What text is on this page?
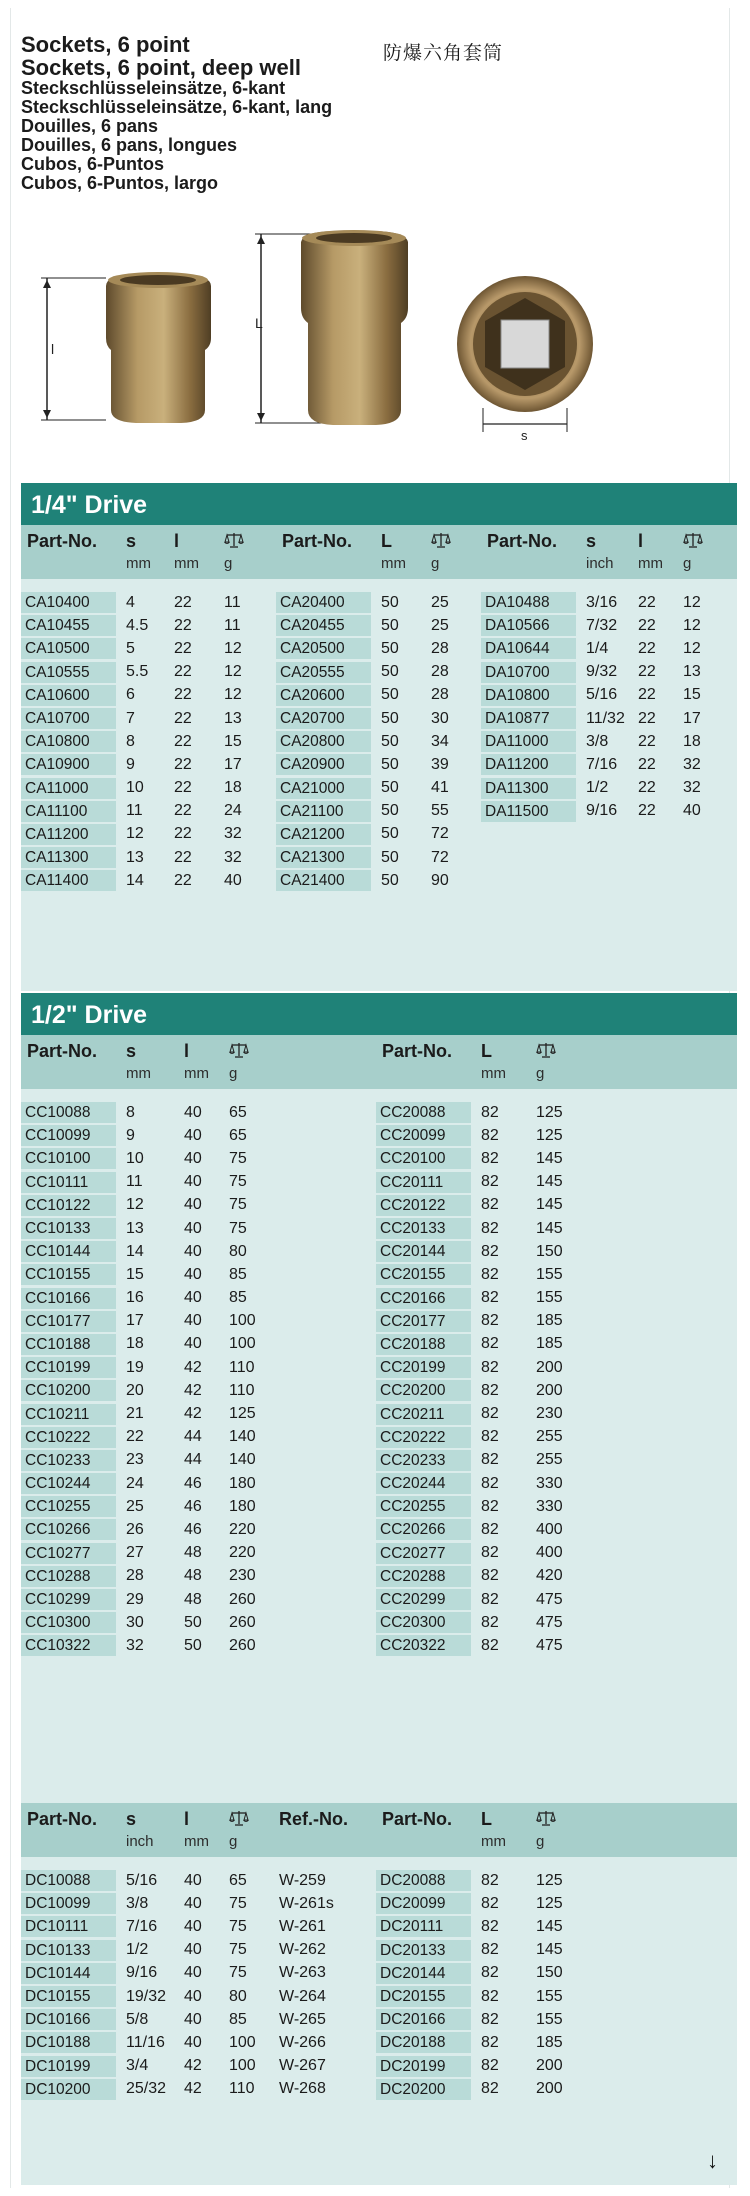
Sockets, 6 point
Sockets, 6 point, deep well
Steckschlüsseleinsätze, 6-kant
Steckschlüsseleinsätze, 6-kant, lang
Douilles, 6 pans
Douilles, 6 pans, longues
Cubos, 6-Puntos
Cubos, 6-Puntos, largo
防爆六角套筒
l
L
s
1/4" Drive
Part-No.	s	l
mm	mm	g
CA10400	4	22	11
CA10455	4.5	22	11
CA10500	5	22	12
CA10555	5.5	22	12
CA10600	6	22	12
CA10700	7	22	13
CA10800	8	22	15
CA10900	9	22	17
CA11000	10	22	18
CA11100	11	22	24
CA11200	12	22	32
CA11300	13	22	32
CA11400	14	22	40
Part-No.	L
mm	g
CA20400	50	25
CA20455	50	25
CA20500	50	28
CA20555	50	28
CA20600	50	28
CA20700	50	30
CA20800	50	34
CA20900	50	39
CA21000	50	41
CA21100	50	55
CA21200	50	72
CA21300	50	72
CA21400	50	90
Part-No.	s	l
inch	mm	g
DA10488	3/16	22	12
DA10566	7/32	22	12
DA10644	1/4	22	12
DA10700	9/32	22	13
DA10800	5/16	22	15
DA10877	11/32 22	17
DA11000	3/8	22	18
DA11200	7/16	22	32
DA11300	1/2	22	32
DA11500	9/16	22	40
1/2" Drive
Part-No.	s	l
mm	mm	g
CC10088	8	40	65
CC10099	9	40	65
CC10100	10	40	75
CC10111	11	40	75
CC10122	12	40	75
CC10133	13	40	75
CC10144	14	40	80
CC10155	15	40	85
CC10166	16	40	85
CC10177	17	40	100
CC10188	18	40	100
CC10199	19	42	110
CC10200	20	42	110
CC10211	21	42	125
CC10222	22	44	140
CC10233	23	44	140
CC10244	24	46	180
CC10255	25	46	180
CC10266	26	46	220
CC10277	27	48	220
CC10288	28	48	230
CC10299	29	48	260
CC10300	30	50	260
CC10322	32	50	260
Part-No.	L
mm	g
CC20088	82	125
CC20099	82	125
CC20100	82	145
CC20111	82	145
CC20122	82	145
CC20133	82	145
CC20144	82	150
CC20155	82	155
CC20166	82	155
CC20177	82	185
CC20188	82	185
CC20199	82	200
CC20200	82	200
CC20211	82	230
CC20222	82	255
CC20233	82	255
CC20244	82	330
CC20255	82	330
CC20266	82	400
CC20277	82	400
CC20288	82	420
CC20299	82	475
CC20300	82	475
CC20322	82	475
Part-No.	s	l	Ref.-No.
inch	mm	g
DC10088	5/16	40	65	W-259
DC10099	3/8	40	75	W-261s
DC10111	7/16	40	75	W-261
DC10133	1/2	40	75	W-262
DC10144	9/16	40	75	W-263
DC10155	19/32	40	80	W-264
DC10166	5/8	40	85	W-265
DC10188	11/16	40	100	W-266
DC10199	3/4	42	100	W-267
DC10200	25/32	42	110	W-268
Part-No.	L
mm	g
DC20088	82	125
DC20099	82	125
DC20111	82	145
DC20133	82	145
DC20144	82	150
DC20155	82	155
DC20166	82	155
DC20188	82	185
DC20199	82	200
DC20200	82	200
↓
